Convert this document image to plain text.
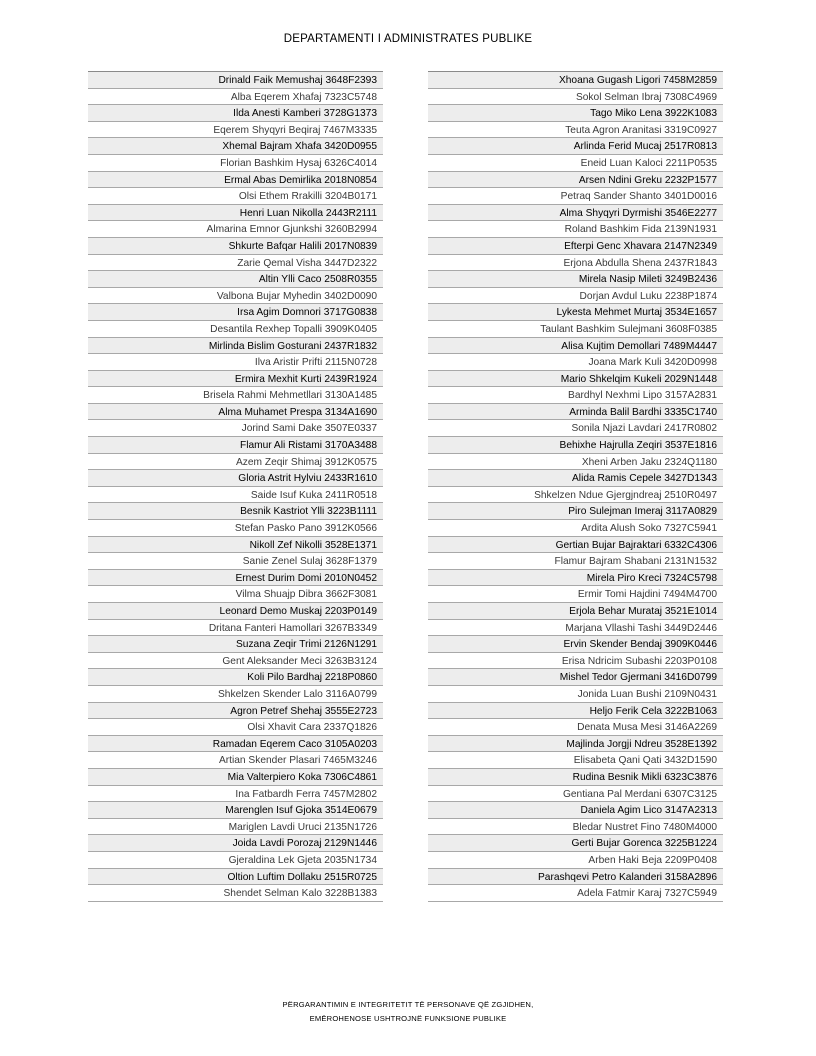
DEPARTAMENTI I ADMINISTRATES PUBLIKE
Drinald Faik Memushaj 3648F2393
Alba Eqerem Xhafaj 7323C5748
Ilda Anesti Kamberi 3728G1373
Eqerem Shyqyri Beqiraj 7467M3335
Xhemal Bajram Xhafa 3420D0955
Florian Bashkim Hysaj 6326C4014
Ermal Abas Demirlika 2018N0854
Olsi Ethem Rrakilli 3204B0171
Henri Luan Nikolla 2443R2111
Almarina Emnor Gjunkshi 3260B2994
Shkurte Bafqar Halili 2017N0839
Zarie Qemal Visha 3447D2322
Altin Ylli Caco 2508R0355
Valbona Bujar Myhedin 3402D0090
Irsa Agim Domnori 3717G0838
Desantila Rexhep Topalli 3909K0405
Mirlinda Bislim Gosturani 2437R1832
Ilva Aristir Prifti 2115N0728
Ermira Mexhit Kurti 2439R1924
Brisela Rahmi Mehmetllari 3130A1485
Alma Muhamet Prespa 3134A1690
Jorind Sami Dake 3507E0337
Flamur Ali Ristami 3170A3488
Azem Zeqir Shimaj 3912K0575
Gloria Astrit Hylviu 2433R1610
Saide Isuf Kuka 2411R0518
Besnik Kastriot Ylli 3223B1111
Stefan Pasko Pano 3912K0566
Nikoll Zef Nikolli 3528E1371
Sanie Zenel Sulaj 3628F1379
Ernest Durim Domi 2010N0452
Vilma Shuajp Dibra 3662F3081
Leonard Demo Muskaj 2203P0149
Dritana Fanteri Hamollari 3267B3349
Suzana Zeqir Trimi 2126N1291
Gent Aleksander Meci 3263B3124
Koli Pilo Bardhaj 2218P0860
Shkelzen Skender Lalo 3116A0799
Agron Petref Shehaj 3555E2723
Olsi Xhavit Cara 2337Q1826
Ramadan Eqerem Caco 3105A0203
Artian Skender Plasari 7465M3246
Mia Valterpiero Koka 7306C4861
Ina Fatbardh Ferra 7457M2802
Marenglen Isuf Gjoka 3514E0679
Mariglen Lavdi Uruci 2135N1726
Joida Lavdi Porozaj 2129N1446
Gjeraldina Lek Gjeta 2035N1734
Oltion Luftim Dollaku 2515R0725
Shendet Selman Kalo 3228B1383
Xhoana Gugash Ligori 7458M2859
Sokol Selman Ibraj 7308C4969
Tago Miko Lena 3922K1083
Teuta Agron Aranitasi 3319C0927
Arlinda Ferid Mucaj 2517R0813
Eneid Luan Kaloci 2211P0535
Arsen Ndini Greku 2232P1577
Petraq Sander Shanto 3401D0016
Alma Shyqyri Dyrmishi 3546E2277
Roland Bashkim Fida 2139N1931
Efterpi Genc Xhavara 2147N2349
Erjona Abdulla Shena 2437R1843
Mirela Nasip Mileti 3249B2436
Dorjan Avdul Luku 2238P1874
Lykesta Mehmet Murtaj 3534E1657
Taulant Bashkim Sulejmani 3608F0385
Alisa Kujtim Demollari 7489M4447
Joana Mark Kuli 3420D0998
Mario Shkelqim Kukeli 2029N1448
Bardhyl Nexhmi Lipo 3157A2831
Arminda Balil Bardhi 3335C1740
Sonila Njazi Lavdari 2417R0802
Behixhe Hajrulla Zeqiri 3537E1816
Xheni Arben Jaku 2324Q1180
Alida Ramis Cepele 3427D1343
Shkelzen Ndue Gjergjndreaj 2510R0497
Piro Sulejman Imeraj 3117A0829
Ardita Alush Soko 7327C5941
Gertian Bujar Bajraktari 6332C4306
Flamur Bajram Shabani 2131N1532
Mirela Piro Kreci 7324C5798
Ermir Tomi Hajdini 7494M4700
Erjola Behar Murataj 3521E1014
Marjana Vllashi Tashi 3449D2446
Ervin Skender Bendaj 3909K0446
Erisa Ndricim Subashi 2203P0108
Mishel Tedor Gjermani 3416D0799
Jonida Luan Bushi 2109N0431
Heljo Ferik Cela 3222B1063
Denata Musa Mesi 3146A2269
Majlinda Jorgji Ndreu 3528E1392
Elisabeta Qani Qati 3432D1590
Rudina Besnik Mikli 6323C3876
Gentiana Pal Merdani 6307C3125
Daniela Agim Lico 3147A2313
Bledar Nustret Fino 7480M4000
Gerti Bujar Gorenca 3225B1224
Arben Haki Beja 2209P0408
Parashqevi Petro Kalanderi 3158A2896
Adela Fatmir Karaj 7327C5949
PËRGARANTIMIN E INTEGRITETIT TË PERSONAVE QË ZGJIDHEN,
EMËROHENOSE USHTROJNË FUNKSIONE PUBLIKE
